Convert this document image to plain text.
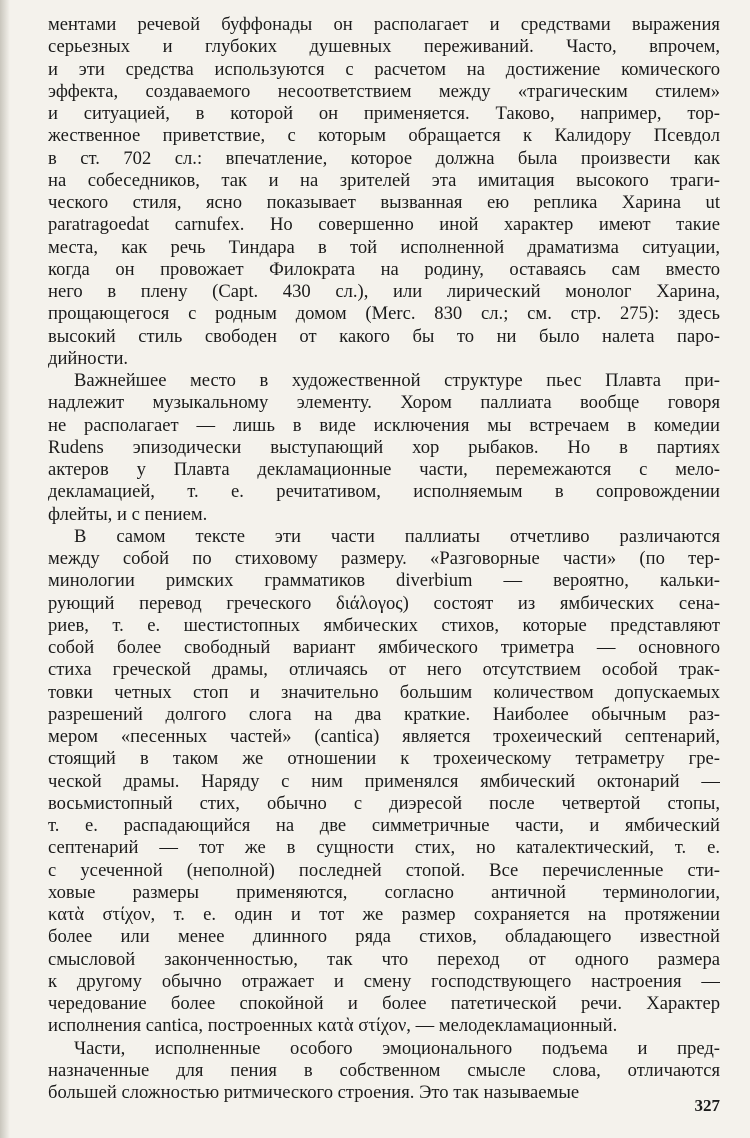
ментами речевой буффонады он располагает и средствами выражения
серьезных и глубоких душевных переживаний. Часто, впрочем,
и эти средства используются с расчетом на достижение комического
эффекта, создаваемого несоответствием между «трагическим стилем»
и ситуацией, в которой он применяется. Таково, например, тор-
жественное приветствие, с которым обращается к Калидору Псевдол
в ст. 702 сл.: впечатление, которое должна была произвести как
на собеседников, так и на зрителей эта имитация высокого траги-
ческого стиля, ясно показывает вызванная ею реплика Харина ut
paratragoedat carnufex. Но совершенно иной характер имеют такие
места, как речь Тиндара в той исполненной драматизма ситуации,
когда он провожает Филократа на родину, оставаясь сам вместо
него в плену (Capt. 430 сл.), или лирический монолог Харина,
прощающегося с родным домом (Merc. 830 сл.; см. стр. 275): здесь
высокий стиль свободен от какого бы то ни было налета паро-
дийности.
Важнейшее место в художественной структуре пьес Плавта при-
надлежит музыкальному элементу. Хором паллиата вообще говоря
не располагает — лишь в виде исключения мы встречаем в комедии
Rudens эпизодически выступающий хор рыбаков. Но в партиях
актеров у Плавта декламационные части, перемежаются с мело-
декламацией, т. е. речитативом, исполняемым в сопровождении
флейты, и с пением.
В самом тексте эти части паллиаты отчетливо различаются
между собой по стиховому размеру. «Разговорные части» (по тер-
минологии римских грамматиков diverbium — вероятно, кальки-
рующий перевод греческого διάλογος) состоят из ямбических сена-
риев, т. е. шестистопных ямбических стихов, которые представляют
собой более свободный вариант ямбического триметра — основного
стиха греческой драмы, отличаясь от него отсутствием особой трак-
товки четных стоп и значительно большим количеством допускаемых
разрешений долгого слога на два краткие. Наиболее обычным раз-
мером «песенных частей» (cantica) является трохеический септенарий,
стоящий в таком же отношении к трохеическому тетраметру гре-
ческой драмы. Наряду с ним применялся ямбический октонарий —
восьмистопный стих, обычно с диэресой после четвертой стопы,
т. е. распадающийся на две симметричные части, и ямбический
септенарий — тот же в сущности стих, но каталектический, т. е.
с усеченной (неполной) последней стопой. Все перечисленные сти-
ховые размеры применяются, согласно античной терминологии,
κατὰ στίχον, т. е. один и тот же размер сохраняется на протяжении
более или менее длинного ряда стихов, обладающего известной
смысловой законченностью, так что переход от одного размера
к другому обычно отражает и смену господствующего настроения —
чередование более спокойной и более патетической речи. Характер
исполнения cantica, построенных κατὰ στίχον, — мелодекламационный.
Части, исполненные особого эмоционального подъема и пред-
назначенные для пения в собственном смысле слова, отличаются
большей сложностью ритмического строения. Это так называемые
327
